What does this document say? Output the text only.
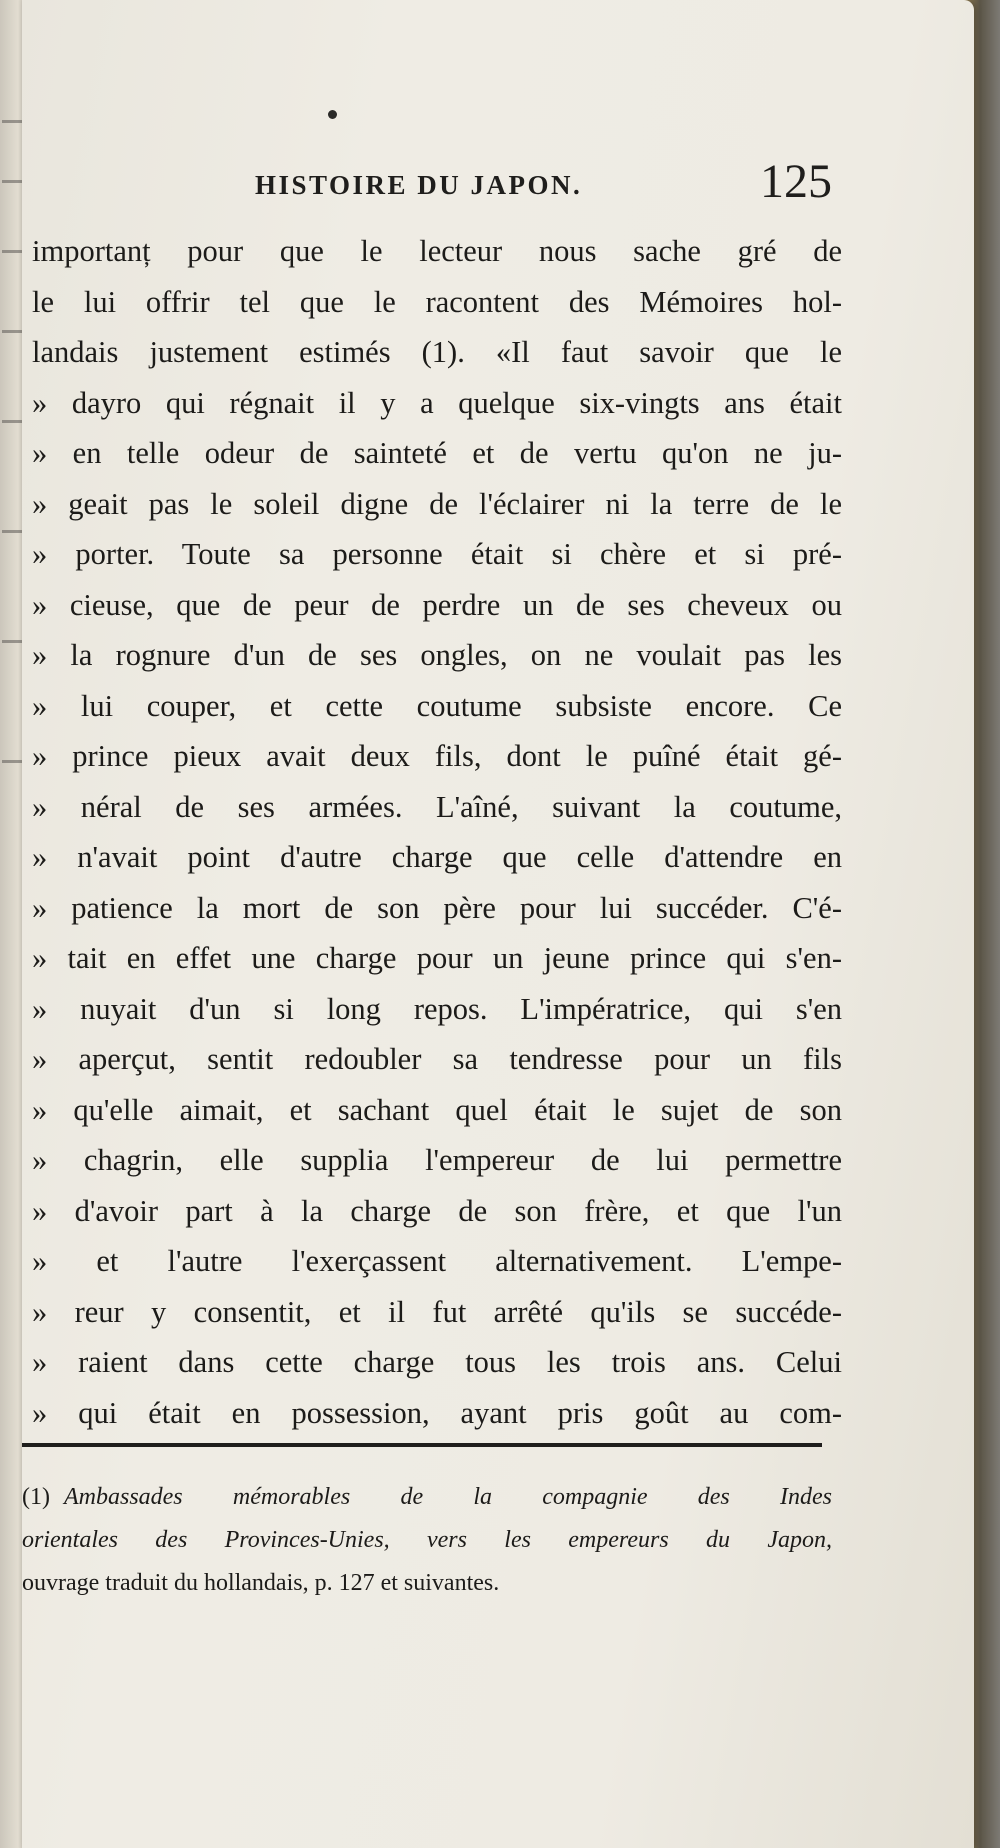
HISTOIRE DU JAPON.	125
importanț pour que le lecteur nous sache gré de
le lui offrir tel que le racontent des Mémoires hol-
landais justement estimés (1). «Il faut savoir que le
» dayro qui régnait il y a quelque six-vingts ans était
» en telle odeur de sainteté et de vertu qu'on ne ju-
» geait pas le soleil digne de l'éclairer ni la terre de le
» porter. Toute sa personne était si chère et si pré-
» cieuse, que de peur de perdre un de ses cheveux ou
» la rognure d'un de ses ongles, on ne voulait pas les
» lui couper, et cette coutume subsiste encore. Ce
» prince pieux avait deux fils, dont le puîné était gé-
» néral de ses armées. L'aîné, suivant la coutume,
» n'avait point d'autre charge que celle d'attendre en
» patience la mort de son père pour lui succéder. C'é-
» tait en effet une charge pour un jeune prince qui s'en-
» nuyait d'un si long repos. L'impératrice, qui s'en
» aperçut, sentit redoubler sa tendresse pour un fils
» qu'elle aimait, et sachant quel était le sujet de son
» chagrin, elle supplia l'empereur de lui permettre
» d'avoir part à la charge de son frère, et que l'un
» et l'autre l'exerçassent alternativement. L'empe-
» reur y consentit, et il fut arrêté qu'ils se succéde-
» raient dans cette charge tous les trois ans. Celui
» qui était en possession, ayant pris goût au com-
(1) Ambassades mémorables de la compagnie des Indes
orientales des Provinces-Unies, vers les empereurs du Japon,
ouvrage traduit du hollandais, p. 127 et suivantes.
